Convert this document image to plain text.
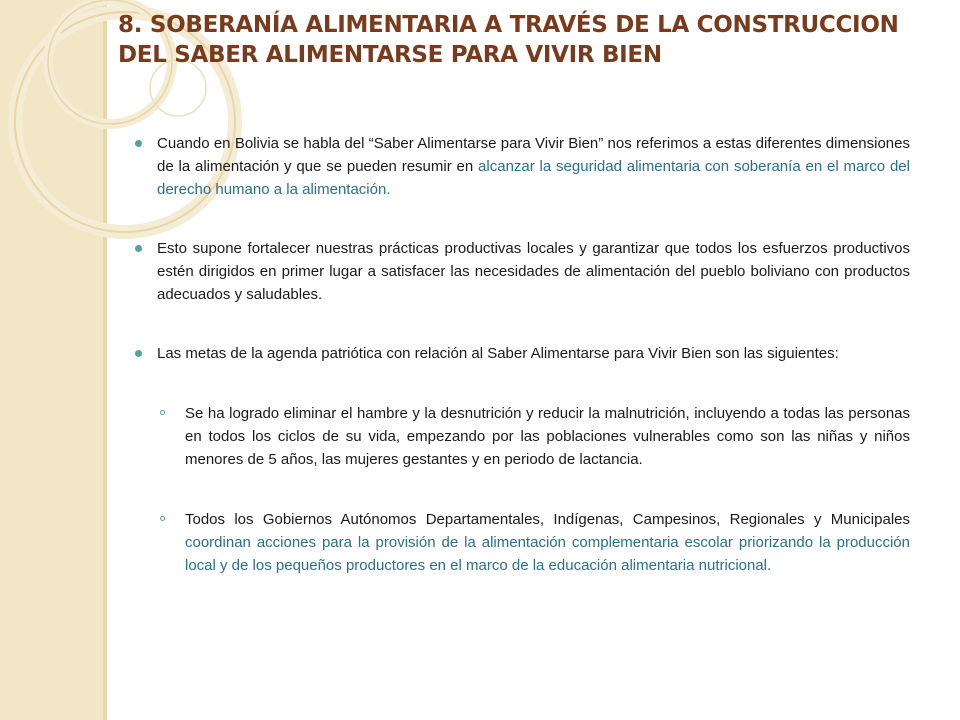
8. SOBERANÍA ALIMENTARIA A TRAVÉS DE LA CONSTRUCCION DEL SABER ALIMENTARSE PARA VIVIR BIEN
Cuando en Bolivia se habla del “Saber Alimentarse para Vivir Bien” nos referimos a estas diferentes dimensiones de la alimentación y que se pueden resumir en alcanzar la seguridad alimentaria con soberanía en el marco del derecho humano a la alimentación.
Esto supone fortalecer nuestras prácticas productivas locales y garantizar que todos los esfuerzos productivos estén dirigidos en primer lugar a satisfacer las necesidades de alimentación del pueblo boliviano con productos adecuados y saludables.
Las metas de la agenda patriótica con relación al Saber Alimentarse para Vivir Bien son las siguientes:
Se ha logrado eliminar el hambre y la desnutrición y reducir la malnutrición, incluyendo a todas las personas en todos los ciclos de su vida, empezando por las poblaciones vulnerables como son las niñas y niños menores de 5 años, las mujeres gestantes y en periodo de lactancia.
Todos los Gobiernos Autónomos Departamentales, Indígenas, Campesinos, Regionales y Municipales coordinan acciones para la provisión de la alimentación complementaria escolar priorizando la producción local y de los pequeños productores en el marco de la educación alimentaria nutricional.
